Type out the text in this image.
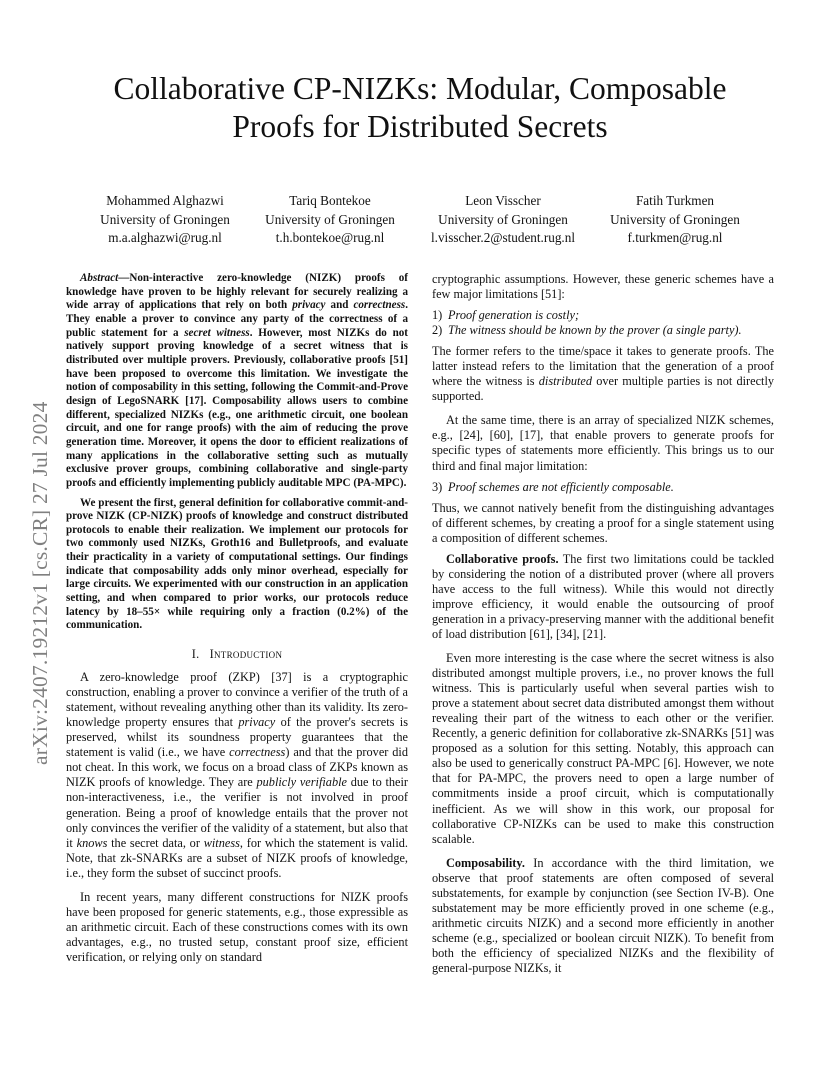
arXiv:2407.19212v1 [cs.CR] 27 Jul 2024
Collaborative CP-NIZKs: Modular, Composable
Proofs for Distributed Secrets
Mohammed Alghazwi
University of Groningen
m.a.alghazwi@rug.nl
Tariq Bontekoe
University of Groningen
t.h.bontekoe@rug.nl
Leon Visscher
University of Groningen
l.visscher.2@student.rug.nl
Fatih Turkmen
University of Groningen
f.turkmen@rug.nl

Abstract—Non-interactive zero-knowledge (NIZK) proofs of knowledge have proven to be highly relevant for securely realizing a wide array of applications that rely on both privacy and correctness. They enable a prover to convince any party of the correctness of a public statement for a secret witness. However, most NIZKs do not natively support proving knowledge of a secret witness that is distributed over multiple provers. Previously, collaborative proofs [51] have been proposed to overcome this limitation. We investigate the notion of composability in this setting, following the Commit-and-Prove design of LegoSNARK [17]. Composability allows users to combine different, specialized NIZKs (e.g., one arithmetic circuit, one boolean circuit, and one for range proofs) with the aim of reducing the prove generation time. Moreover, it opens the door to efficient realizations of many applications in the collaborative setting such as mutually exclusive prover groups, combining collaborative and single-party proofs and efficiently implementing publicly auditable MPC (PA-MPC).

We present the first, general definition for collaborative commit-and-prove NIZK (CP-NIZK) proofs of knowledge and construct distributed protocols to enable their realization. We implement our protocols for two commonly used NIZKs, Groth16 and Bulletproofs, and evaluate their practicality in a variety of computational settings. Our findings indicate that composability adds only minor overhead, especially for large circuits. We experimented with our construction in an application setting, and when compared to prior works, our protocols reduce latency by 18–55× while requiring only a fraction (0.2%) of the communication.

I. Introduction

A zero-knowledge proof (ZKP) [37] is a cryptographic construction, enabling a prover to convince a verifier of the truth of a statement, without revealing anything other than its validity. Its zero-knowledge property ensures that privacy of the prover's secrets is preserved, whilst its soundness property guarantees that the statement is valid (i.e., we have correctness) and that the prover did not cheat. In this work, we focus on a broad class of ZKPs known as NIZK proofs of knowledge. They are publicly verifiable due to their non-interactiveness, i.e., the verifier is not involved in proof generation. Being a proof of knowledge entails that the prover not only convinces the verifier of the validity of a statement, but also that it knows the secret data, or witness, for which the statement is valid. Note, that zk-SNARKs are a subset of NIZK proofs of knowledge, i.e., they form the subset of succinct proofs.

In recent years, many different constructions for NIZK proofs have been proposed for generic statements, e.g., those expressible as an arithmetic circuit. Each of these constructions comes with its own advantages, e.g., no trusted setup, constant proof size, efficient verification, or relying only on standard

cryptographic assumptions. However, these generic schemes have a few major limitations [51]:

1) Proof generation is costly;

2) The witness should be known by the prover (a single party).

The former refers to the time/space it takes to generate proofs. The latter instead refers to the limitation that the generation of a proof where the witness is distributed over multiple parties is not directly supported.

At the same time, there is an array of specialized NIZK schemes, e.g., [24], [60], [17], that enable provers to generate proofs for specific types of statements more efficiently. This brings us to our third and final major limitation:

3) Proof schemes are not efficiently composable.

Thus, we cannot natively benefit from the distinguishing advantages of different schemes, by creating a proof for a single statement using a composition of different schemes.

Collaborative proofs. The first two limitations could be tackled by considering the notion of a distributed prover (where all provers have access to the full witness). While this would not directly improve efficiency, it would enable the outsourcing of proof generation in a privacy-preserving manner with the additional benefit of load distribution [61], [34], [21].

Even more interesting is the case where the secret witness is also distributed amongst multiple provers, i.e., no prover knows the full witness. This is particularly useful when several parties wish to prove a statement about secret data distributed amongst them without revealing their part of the witness to each other or the verifier. Recently, a generic definition for collaborative zk-SNARKs [51] was proposed as a solution for this setting. Notably, this approach can also be used to generically construct PA-MPC [6]. However, we note that for PA-MPC, the provers need to open a large number of commitments inside a proof circuit, which is computationally inefficient. As we will show in this work, our proposal for collaborative CP-NIZKs can be used to make this construction scalable.

Composability. In accordance with the third limitation, we observe that proof statements are often composed of several substatements, for example by conjunction (see Section IV-B). One substatement may be more efficiently proved in one scheme (e.g., arithmetic circuits NIZK) and a second more efficiently in another scheme (e.g., specialized or boolean circuit NIZK). To benefit from both the efficiency of specialized NIZKs and the flexibility of general-purpose NIZKs, it
